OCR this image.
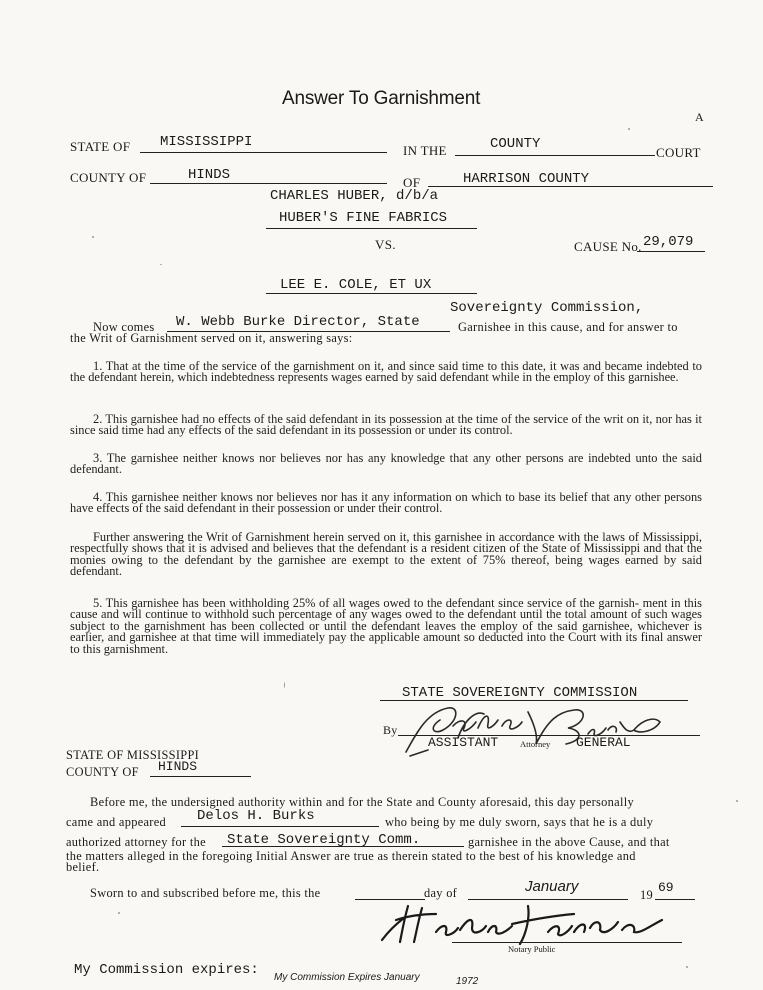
Answer To Garnishment
A
STATE OF MISSISSIPPI
IN THE	COUNTY
COURT
COUNTY OF	HINDS	OF	HARRISON COUNTY
CHARLES HUBER, d/b/a
HUBER'S FINE FABRICS
VS.	CAUSE No. 29,079
LEE E. COLE, ET UX
Sovereignty Commission,
Now comes W. Webb Burke Director, State	Garnishee in this cause, and for answer to
the Writ of Garnishment served on it, answering says:
1. That at the time of the service of the garnishment on it, and since said time to this date, it was and became indebted to the defendant herein, which indebtedness represents wages earned by said defendant while in the employ of this garnishee.
2. This garnishee had no effects of the said defendant in its possession at the time of the service of the writ on it, nor has it since said time had any effects of the said defendant in its possession or under its control.
3. The garnishee neither knows nor believes nor has any knowledge that any other persons are indebted unto the said defendant.
4. This garnishee neither knows nor believes nor has it any information on which to base its belief that any other persons have effects of the said defendant in their possession or under their control.
Further answering the Writ of Garnishment herein served on it, this garnishee in accordance with the laws of Mississippi, respectfully shows that it is advised and believes that the defendant is a resident citizen of the State of Mississippi and that the monies owing to the defendant by the garnishee are exempt to the extent of 75% thereof, being wages earned by said defendant.
5. This garnishee has been withholding 25% of all wages owed to the defendant since service of the garnish- ment in this cause and will continue to withhold such percentage of any wages owed to the defendant until the total amount of such wages subject to the garnishment has been collected or until the defendant leaves the employ of the said garnishee, whichever is earlier, and garnishee at that time will immediately pay the applicable amount so deducted into the Court with its final answer to this garnishment.
STATE SOVEREIGNTY COMMISSION
By
ASSISTANT	Attorney GENERAL
STATE OF MISSISSIPPI
COUNTY OF HINDS
Before me, the undersigned authority within and for the State and County aforesaid, this day personally
came and appeared Delos H. Burks	who being by me duly sworn, says that he is a duly
authorized attorney for the State Sovereignty Comm.	garnishee in the above Cause, and that
the matters alleged in the foregoing Initial Answer are true as therein stated to the best of his knowledge and
belief.
Sworn to and subscribed before me, this the	day of	January	19 69
Notary Public
My Commission expires: My Commission Expires January	1972
